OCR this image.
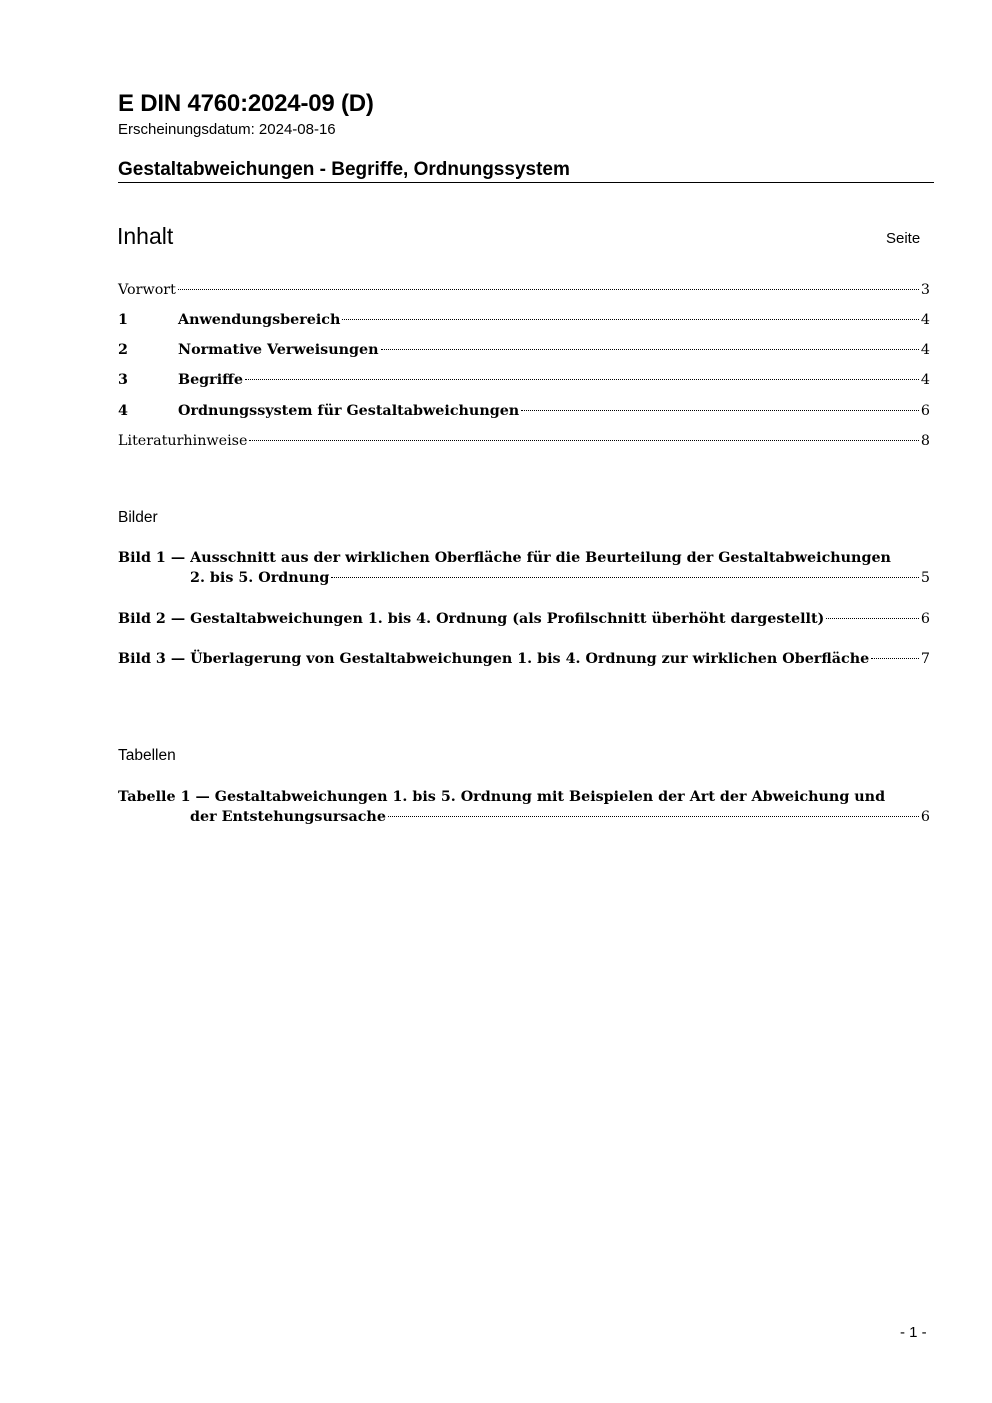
E DIN 4760:2024-09 (D)
Erscheinungsdatum: 2024-08-16
Gestaltabweichungen - Begriffe, Ordnungssystem
Inhalt	Seite
Vorwort	3
1	Anwendungsbereich	4
2	Normative Verweisungen	4
3	Begriffe	4
4	Ordnungssystem für Gestaltabweichungen	6
Literaturhinweise	8
Bilder
Bild 1 — Ausschnitt aus der wirklichen Oberfläche für die Beurteilung der Gestaltabweichungen
2. bis 5. Ordnung	5
Bild 2 — Gestaltabweichungen 1. bis 4. Ordnung (als Profilschnitt überhöht dargestellt)	6
Bild 3 — Überlagerung von Gestaltabweichungen 1. bis 4. Ordnung zur wirklichen Oberfläche	7
Tabellen
Tabelle 1 — Gestaltabweichungen 1. bis 5. Ordnung mit Beispielen der Art der Abweichung und
der Entstehungsursache	6
- 1 -
